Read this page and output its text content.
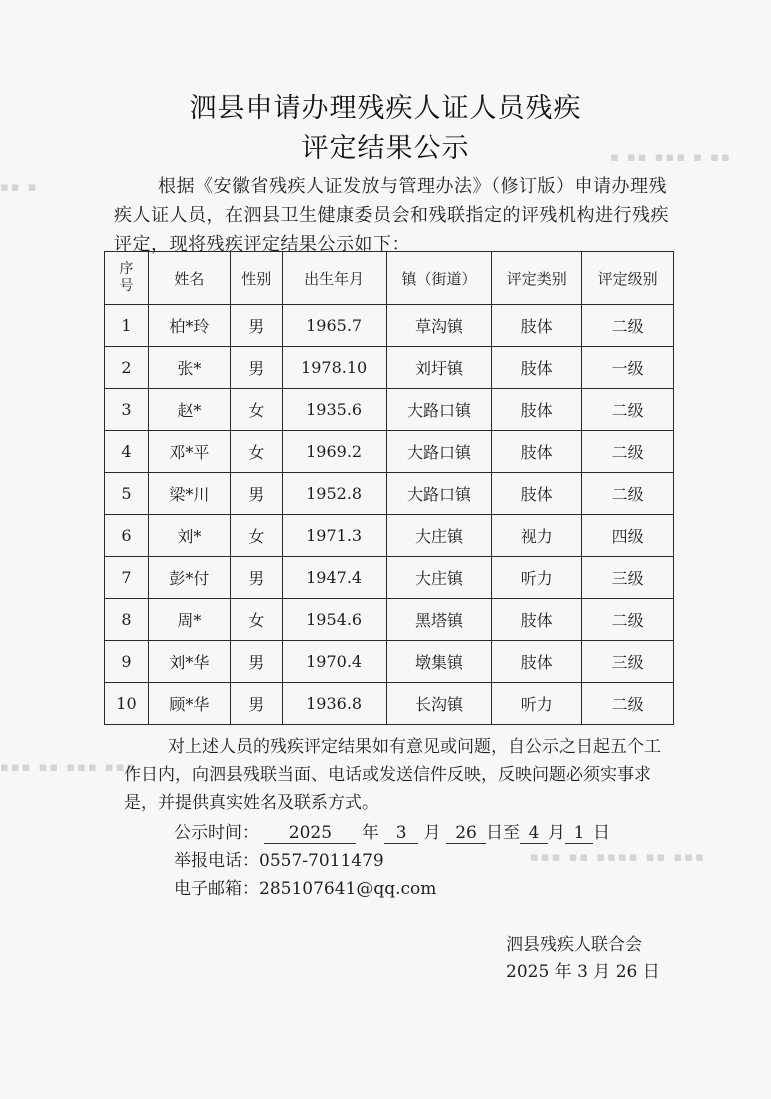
▪ ▪▪ ▪▪▪ ▪ ▪▪
▪▪ ▪
▪▪▪ ▪▪ ▪▪▪▪ ▪▪ ▪▪▪
▪▪▪ ▪▪ ▪▪▪ ▪▪▪
泗县申请办理残疾人证人员残疾
评定结果公示
根据《安徽省残疾人证发放与管理办法》（修订版）申请办理残疾人证人员，在泗县卫生健康委员会和残联指定的评残机构进行残疾评定，现将残疾评定结果公示如下：
序
号	姓名	性别	出生年月	镇（街道）	评定类别	评定级别
1	柏*玲	男	1965.7	草沟镇	肢体	二级
2	张*	男	1978.10	刘圩镇	肢体	一级
3	赵*	女	1935.6	大路口镇	肢体	二级
4	邓*平	女	1969.2	大路口镇	肢体	二级
5	梁*川	男	1952.8	大路口镇	肢体	二级
6	刘*	女	1971.3	大庄镇	视力	四级
7	彭*付	男	1947.4	大庄镇	听力	三级
8	周*	女	1954.6	黑塔镇	肢体	二级
9	刘*华	男	1970.4	墩集镇	肢体	三级
10	顾*华	男	1936.8	长沟镇	听力	二级
对上述人员的残疾评定结果如有意见或问题，自公示之日起五个工作日内，向泗县残联当面、电话或发送信件反映，反映问题必须实事求是，并提供真实姓名及联系方式。
公示时间： 2025 年 3 月 26 日至 4 月 1 日
举报电话：0557-7011479
电子邮箱：285107641@qq.com
泗县残疾人联合会
2025 年 3 月 26 日
